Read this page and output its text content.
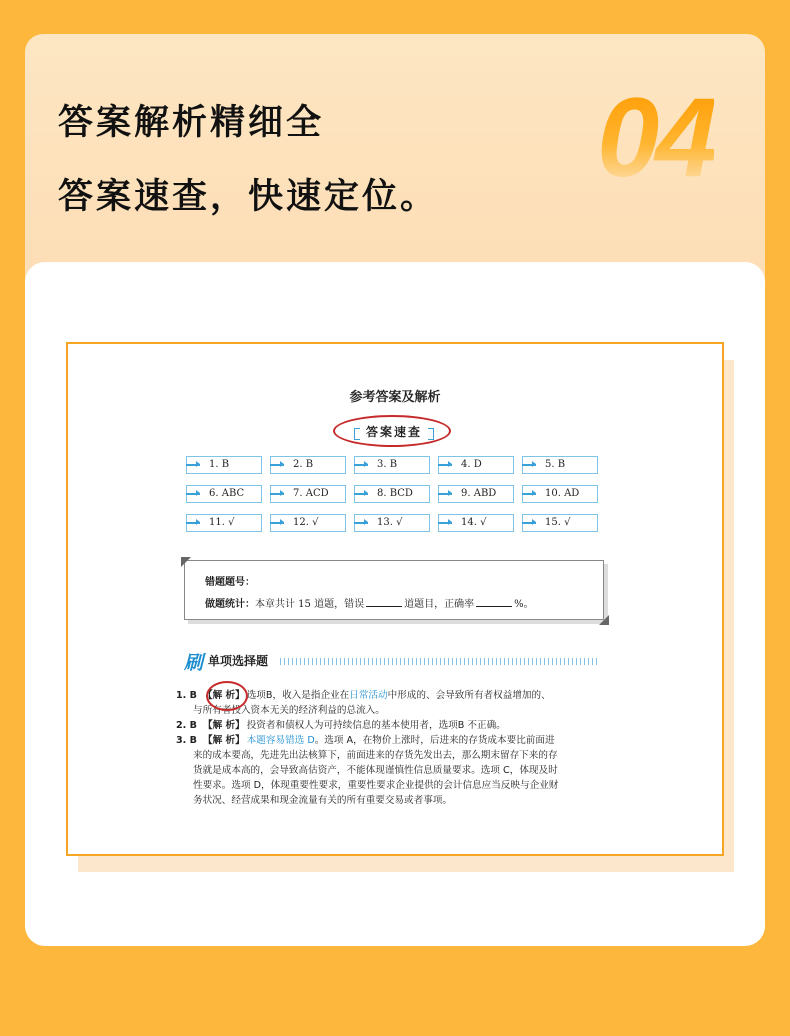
答案解析精细全
答案速查，快速定位。 04
参考答案及解析
答案速查
1. B	2. B	3. B	4. D	5. B
6. ABC	7. ACD	8. BCD	9. ABD	10. AD
11. √	12. √	13. √	14. √	15. √
错题题号：
做题统计：本章共计 15 道题，错误	道题目，正确率	%。
刷 单项选择题
1. B 【解 析】 选项B，收入是指企业在日常活动中形成的、会导致所有者权益增加的、
与所有者投入资本无关的经济利益的总流入。
2. B 【解 析】 投资者和债权人为可持续信息的基本使用者，选项B 不正确。
3. B 【解 析】 本题容易错选 D。选项 A，在物价上涨时，后进来的存货成本要比前面进
来的成本要高，先进先出法核算下，前面进来的存货先发出去，那么期末留存下来的存
货就是成本高的，会导致高估资产，不能体现谨慎性信息质量要求。选项 C，体现及时
性要求。选项 D，体现重要性要求，重要性要求企业提供的会计信息应当反映与企业财
务状况、经营成果和现金流量有关的所有重要交易或者事项。
